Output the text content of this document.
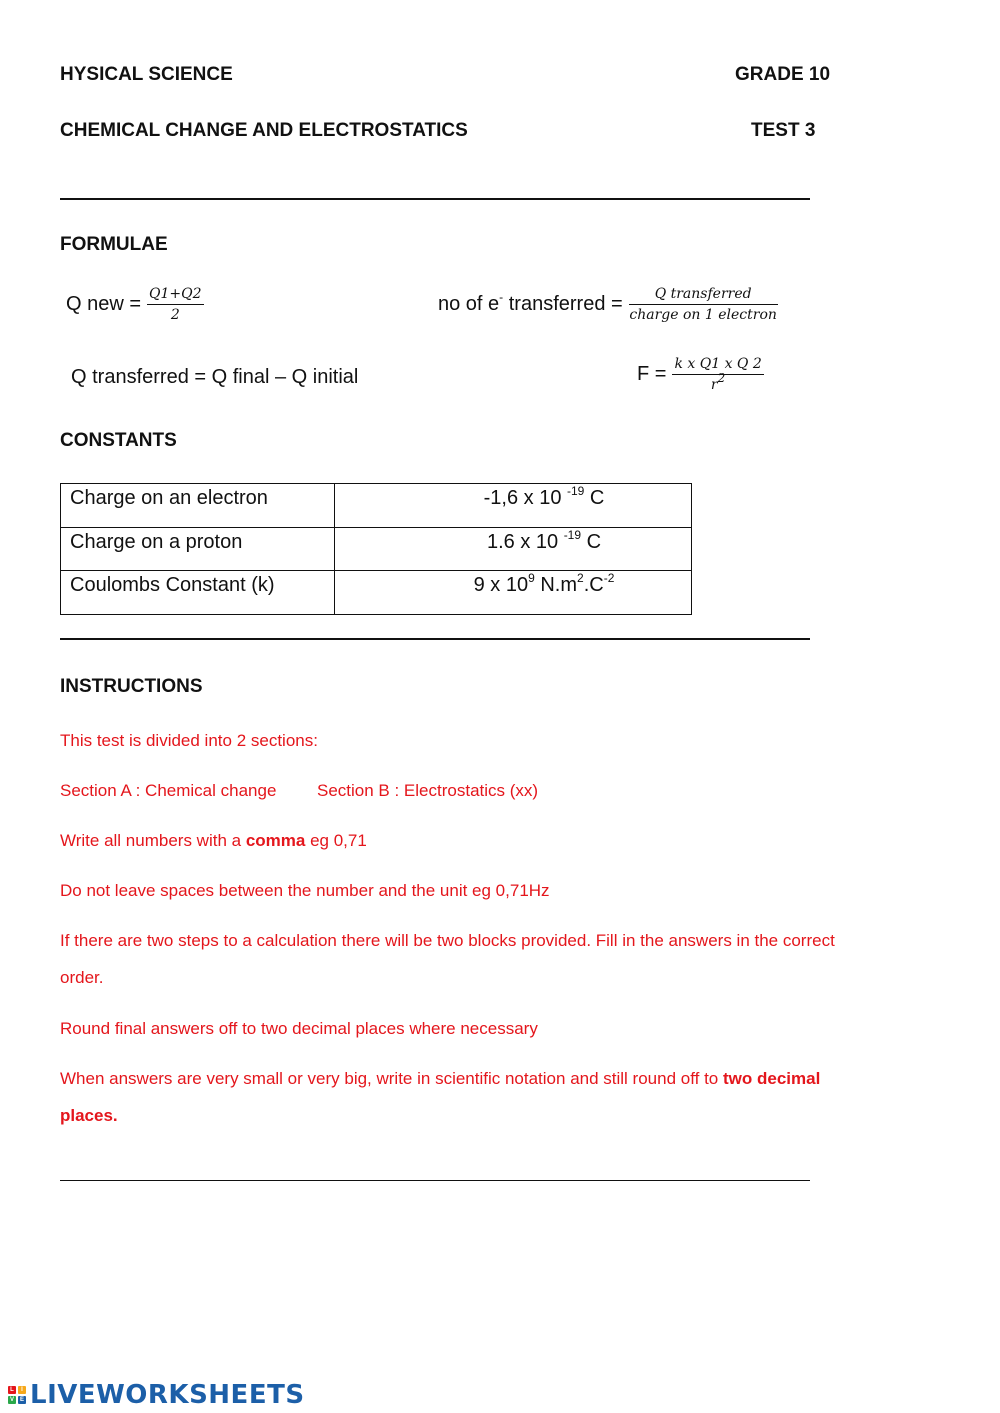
HYSICAL SCIENCE	GRADE 10
CHEMICAL CHANGE AND ELECTROSTATICS	TEST 3
FORMULAE
Q new = $\frac{Q1+Q2}{2}$	no of e- transferred = $\frac{\text{Q transferred}}{\text{charge on 1 electron}}$
Q transferred = Q final – Q initial	$F = \frac{\text{k x Q1 x Q 2}}{r^2}$
CONSTANTS
Charge on an electron	-1,6 x 10 $^{-19}$ C
Charge on a proton	1.6 x 10 $^{-19}$ C
Coulombs Constant (k)	9 x $10^9$ $N.m^2.C^{-2}$
INSTRUCTIONS
This test is divided into 2 sections:
Section A : Chemical change Section B : Electrostatics (xx)
Write all numbers with a comma eg 0,71
Do not leave spaces between the number and the unit eg 0,71Hz
If there are two steps to a calculation there will be two blocks provided. Fill in the answers in the correct
order.
Round final answers off to two decimal places where necessary
When answers are very small or very big, write in scientific notation and still round off to two decimal
places.
L	I
V E LIVEWORKSHEETS
